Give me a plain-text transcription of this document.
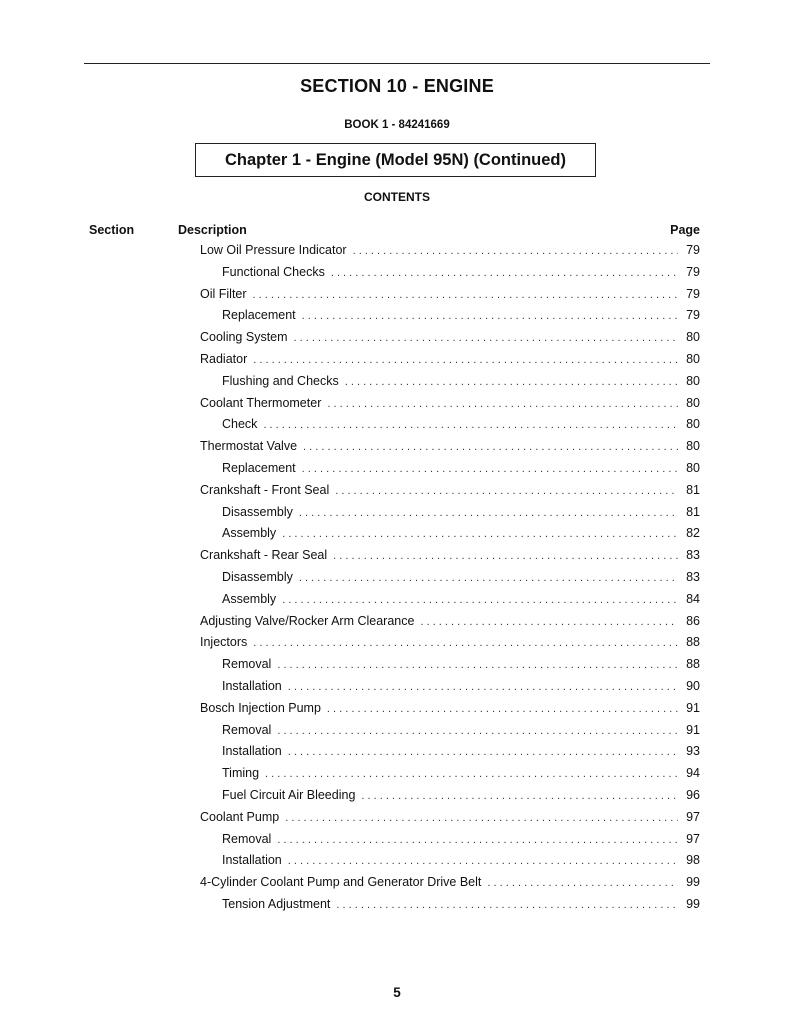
SECTION 10 - ENGINE
BOOK 1 - 84241669
Chapter 1 - Engine (Model 95N) (Continued)
CONTENTS
Section	Description	Page
Low Oil Pressure Indicator . . .	79
Functional Checks . . .	79
Oil Filter . . .	79
Replacement . . .	79
Cooling System . . .	80
Radiator . . .	80
Flushing and Checks . . .	80
Coolant Thermometer . . .	80
Check . . .	80
Thermostat Valve . . .	80
Replacement . . .	80
Crankshaft - Front Seal . . .	81
Disassembly . . .	81
Assembly . . .	82
Crankshaft - Rear Seal . . .	83
Disassembly . . .	83
Assembly . . .	84
Adjusting Valve/Rocker Arm Clearance . . .	86
Injectors . . .	88
Removal . . .	88
Installation . . .	90
Bosch Injection Pump . . .	91
Removal . . .	91
Installation . . .	93
Timing . . .	94
Fuel Circuit Air Bleeding . . .	96
Coolant Pump . . .	97
Removal . . .	97
Installation . . .	98
4-Cylinder Coolant Pump and Generator Drive Belt . . .	99
Tension Adjustment . . .	99
5
